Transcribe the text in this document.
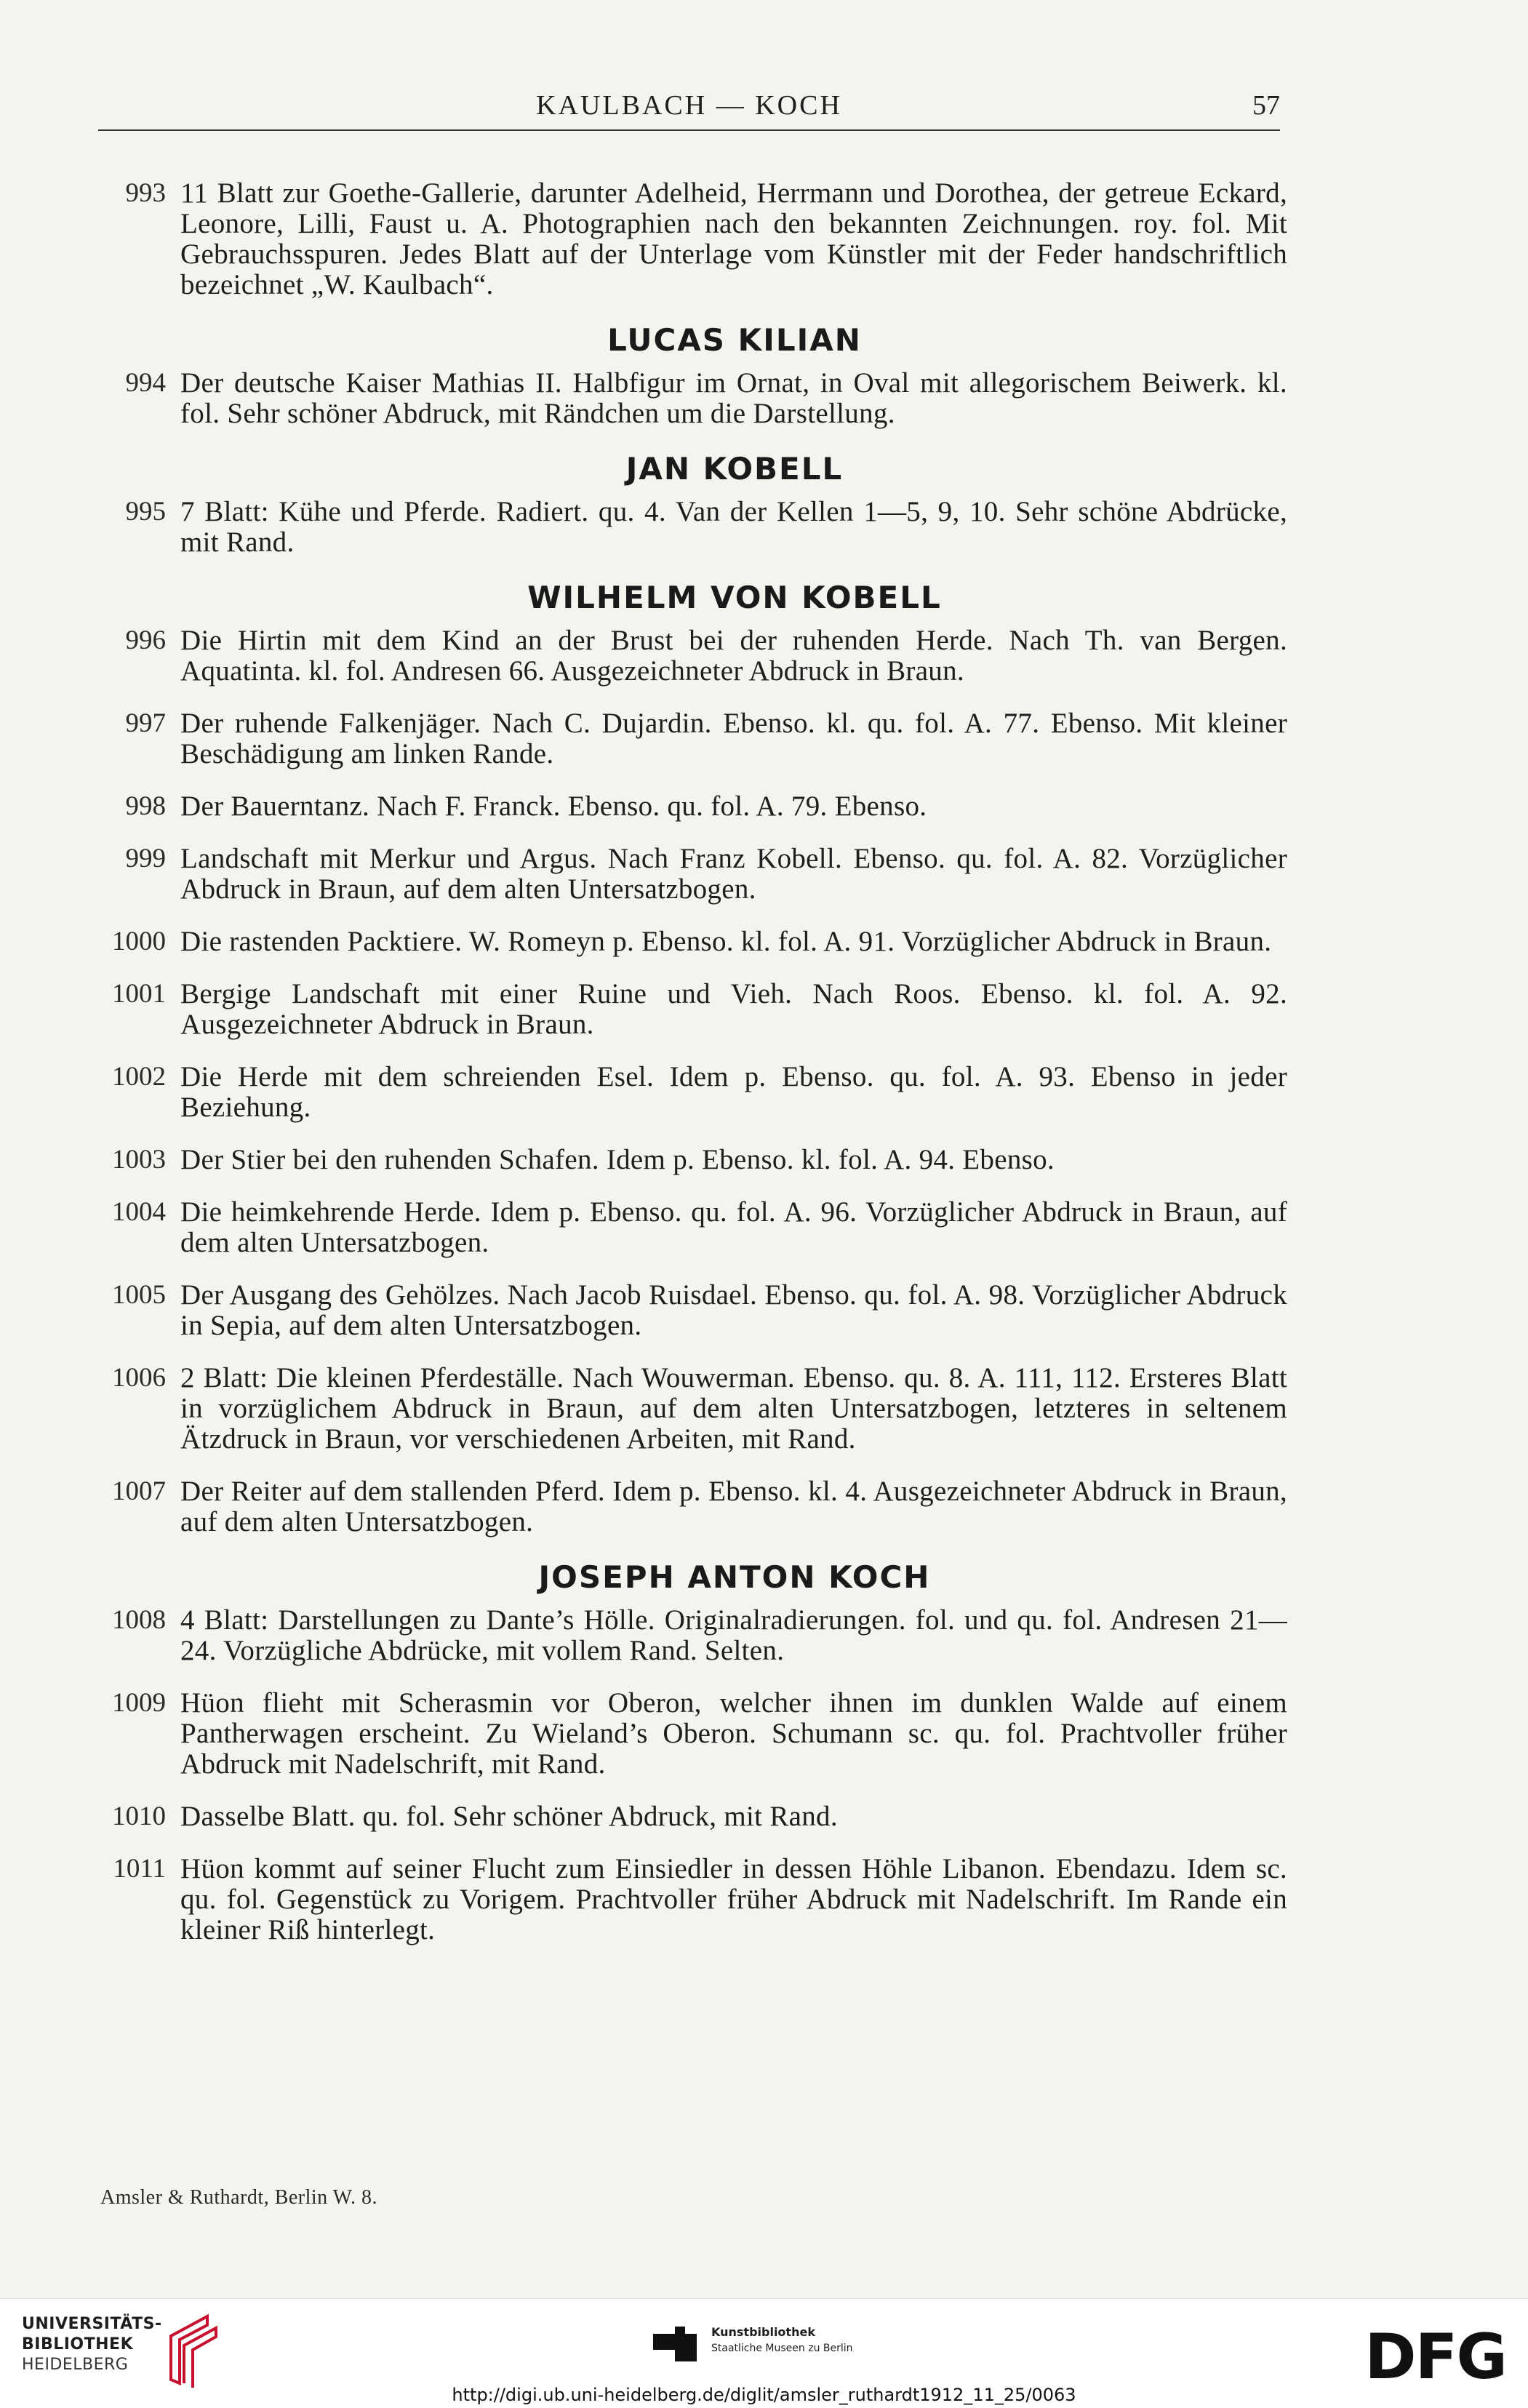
KAULBACH — KOCH	57
993 11 Blatt zur Goethe-Gallerie, darunter Adelheid, Herrmann und Dorothea, der getreue Eckard, Leonore, Lilli, Faust u. A. Photographien nach den bekannten Zeichnungen. roy. fol. Mit Gebrauchsspuren. Jedes Blatt auf der Unterlage vom Künstler mit der Feder handschriftlich bezeichnet „W. Kaulbach“.
LUCAS KILIAN
994 Der deutsche Kaiser Mathias II. Halbfigur im Ornat, in Oval mit allegorischem Beiwerk. kl. fol. Sehr schöner Abdruck, mit Rändchen um die Darstellung.
JAN KOBELL
995 7 Blatt: Kühe und Pferde. Radiert. qu. 4. Van der Kellen 1—5, 9, 10. Sehr schöne Abdrücke, mit Rand.
WILHELM VON KOBELL
996 Die Hirtin mit dem Kind an der Brust bei der ruhenden Herde. Nach Th. van Bergen. Aquatinta. kl. fol. Andresen 66. Ausgezeichneter Abdruck in Braun.
997 Der ruhende Falkenjäger. Nach C. Dujardin. Ebenso. kl. qu. fol. A. 77. Ebenso. Mit kleiner Beschädigung am linken Rande.
998 Der Bauerntanz. Nach F. Franck. Ebenso. qu. fol. A. 79. Ebenso.
999 Landschaft mit Merkur und Argus. Nach Franz Kobell. Ebenso. qu. fol. A. 82. Vorzüglicher Abdruck in Braun, auf dem alten Untersatzbogen.
1000 Die rastenden Packtiere. W. Romeyn p. Ebenso. kl. fol. A. 91. Vorzüglicher Abdruck in Braun.
1001 Bergige Landschaft mit einer Ruine und Vieh. Nach Roos. Ebenso. kl. fol. A. 92. Ausgezeichneter Abdruck in Braun.
1002 Die Herde mit dem schreienden Esel. Idem p. Ebenso. qu. fol. A. 93. Ebenso in jeder Beziehung.
1003 Der Stier bei den ruhenden Schafen. Idem p. Ebenso. kl. fol. A. 94. Ebenso.
1004 Die heimkehrende Herde. Idem p. Ebenso. qu. fol. A. 96. Vorzüglicher Abdruck in Braun, auf dem alten Untersatzbogen.
1005 Der Ausgang des Gehölzes. Nach Jacob Ruisdael. Ebenso. qu. fol. A. 98. Vorzüglicher Abdruck in Sepia, auf dem alten Untersatzbogen.
1006 2 Blatt: Die kleinen Pferdeställe. Nach Wouwerman. Ebenso. qu. 8. A. 111, 112. Ersteres Blatt in vorzüglichem Abdruck in Braun, auf dem alten Untersatzbogen, letzteres in seltenem Ätzdruck in Braun, vor verschiedenen Arbeiten, mit Rand.
1007 Der Reiter auf dem stallenden Pferd. Idem p. Ebenso. kl. 4. Ausgezeichneter Abdruck in Braun, auf dem alten Untersatzbogen.
JOSEPH ANTON KOCH
1008 4 Blatt: Darstellungen zu Dante’s Hölle. Originalradierungen. fol. und qu. fol. Andresen 21—24. Vorzügliche Abdrücke, mit vollem Rand. Selten.
1009 Hüon flieht mit Scherasmin vor Oberon, welcher ihnen im dunklen Walde auf einem Pantherwagen erscheint. Zu Wieland’s Oberon. Schumann sc. qu. fol. Prachtvoller früher Abdruck mit Nadelschrift, mit Rand.
1010 Dasselbe Blatt. qu. fol. Sehr schöner Abdruck, mit Rand.
1011 Hüon kommt auf seiner Flucht zum Einsiedler in dessen Höhle Libanon. Ebendazu. Idem sc. qu. fol. Gegenstück zu Vorigem. Prachtvoller früher Abdruck mit Nadelschrift. Im Rande ein kleiner Riß hinterlegt.
Amsler & Ruthardt, Berlin W. 8.
UNIVERSITÄTS-
BIBLIOTHEK
HEIDELBERG
Kunstbibliothek
Staatliche Museen zu Berlin	DFG
http://digi.ub.uni-heidelberg.de/diglit/amsler_ruthardt1912_11_25/0063
